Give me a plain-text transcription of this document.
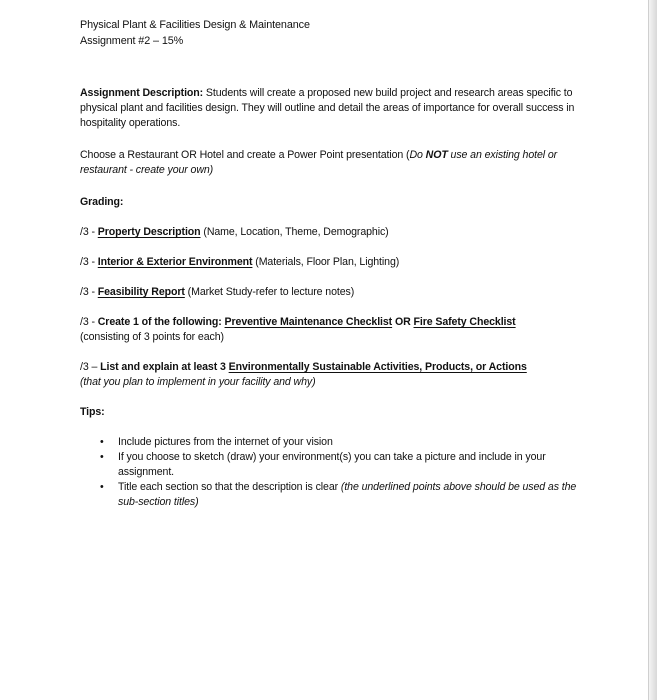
Physical Plant & Facilities Design & Maintenance

Assignment #2 – 15%

Assignment Description: Students will create a proposed new build project and research areas specific to physical plant and facilities design. They will outline and detail the areas of importance for overall success in hospitality operations.

Choose a Restaurant OR Hotel and create a Power Point presentation (Do NOT use an existing hotel or restaurant - create your own)

Grading:

/3 - Property Description (Name, Location, Theme, Demographic)

/3 - Interior & Exterior Environment (Materials, Floor Plan, Lighting)

/3 - Feasibility Report (Market Study-refer to lecture notes)

/3 - Create 1 of the following: Preventive Maintenance Checklist OR Fire Safety Checklist
(consisting of 3 points for each)

/3 – List and explain at least 3 Environmentally Sustainable Activities, Products, or Actions
(that you plan to implement in your facility and why)

Tips:

• Include pictures from the internet of your vision
• If you choose to sketch (draw) your environment(s) you can take a picture and include in your assignment.
• Title each section so that the description is clear (the underlined points above should be used as the sub-section titles)
